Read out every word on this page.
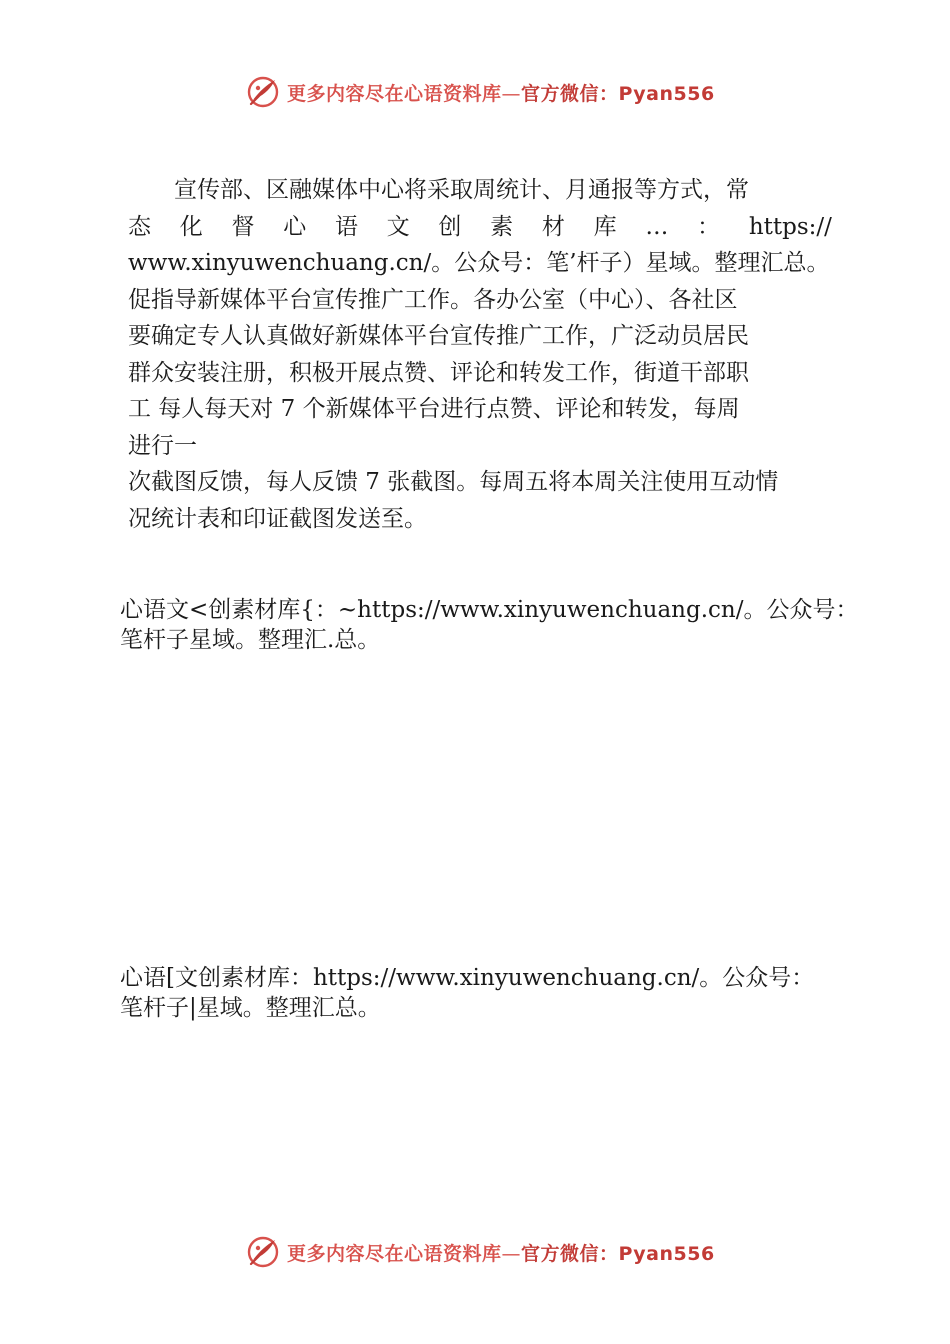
更多内容尽在心语资料库—官方微信：Pyan556
宣传部、区融媒体中心将采取周统计、月通报等方式，常
态 化 督 心 语 文 创 素 材 库 … ： https://
www.xinyuwenchuang.cn/。公众号：笔’杆子）星域。整理汇总。
促指导新媒体平台宣传推广工作。各办公室（中心）、各社区
要确定专人认真做好新媒体平台宣传推广工作，广泛动员居民
群众安装注册，积极开展点赞、评论和转发工作，街道干部职
工 每人每天对 7 个新媒体平台进行点赞、评论和转发，每周
进行一
次截图反馈，每人反馈 7 张截图。每周五将本周关注使用互动情
况统计表和印证截图发送至。
心语文<创素材库{：~https://www.xinyuwenchuang.cn/。公众号：
笔杆子星域。整理汇.总。
心语[文创素材库：https://www.xinyuwenchuang.cn/。公众号：
笔杆子|星域。整理汇总。
更多内容尽在心语资料库—官方微信：Pyan556
